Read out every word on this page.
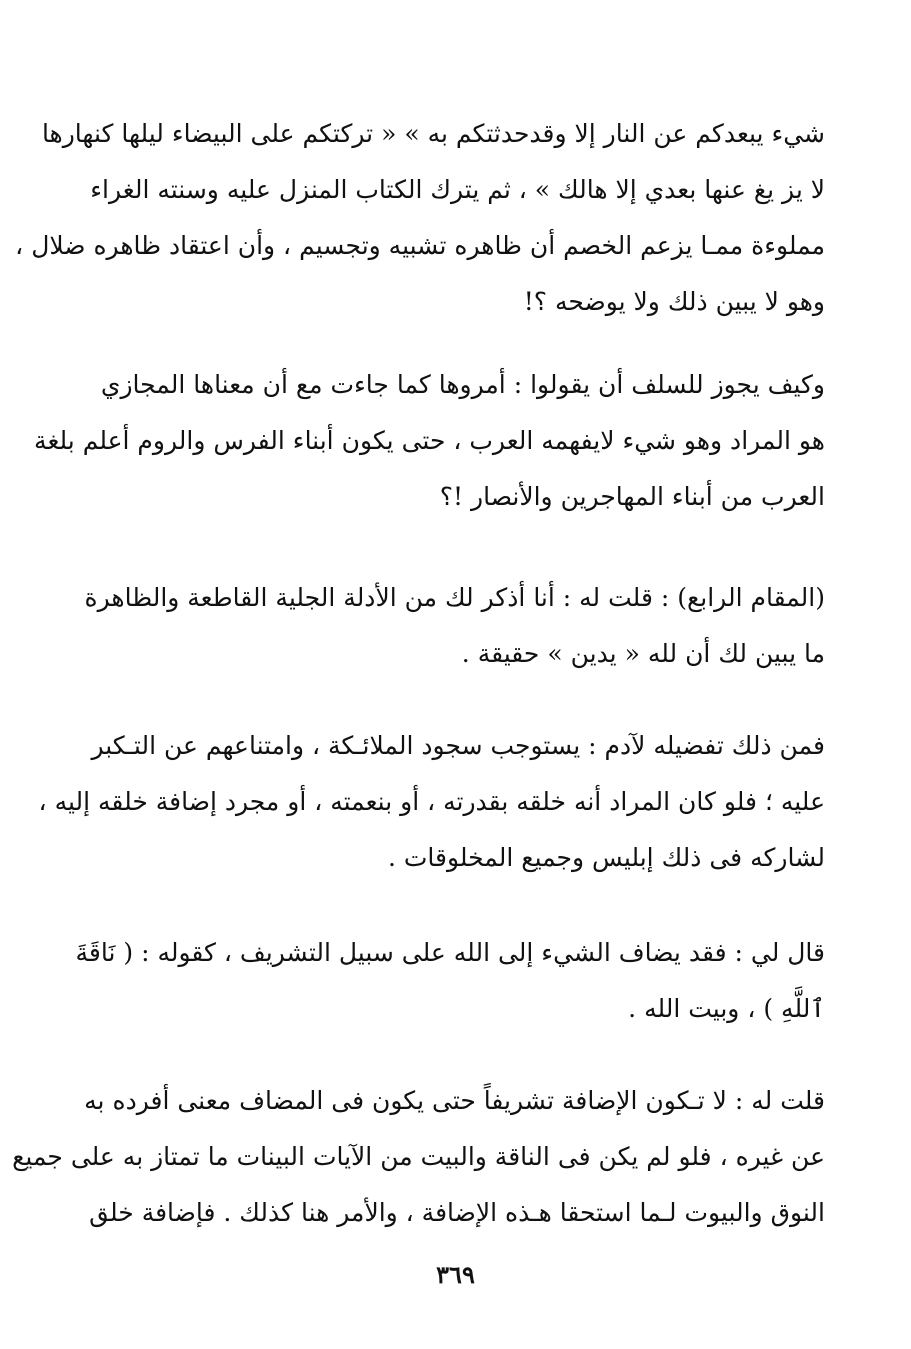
شيء يبعدكم عن النار إلا وقدحدثتكم به » « تركتكم على البيضاء ليلها كنهارها
لا يز يغ عنها بعدي إلا هالك » ، ثم يترك الكتاب المنزل عليه وسنته الغراء
مملوءة ممـا يزعم الخصم أن ظاهره تشبيه وتجسيم ، وأن اعتقاد ظاهره ضلال ،
وهو لا يبين ذلك ولا يوضحه ؟!
وكيف يجوز للسلف أن يقولوا : أمروها كما جاءت مع أن معناها المجازي
هو المراد وهو شيء لايفهمه العرب ، حتى يكون أبناء الفرس والروم أعلم بلغة
العرب من أبناء المهاجرين والأنصار !؟
(المقام الرابع) : قلت له : أنا أذكر لك من الأدلة الجلية القاطعة والظاهرة
ما يبين لك أن لله « يدين » حقيقة .
فمن ذلك تفضيله لآدم : يستوجب سجود الملائـكة ، وامتناعهم عن التـكبر
عليه ؛ فلو كان المراد أنه خلقه بقدرته ، أو بنعمته ، أو مجرد إضافة خلقه إليه ،
لشاركه فى ذلك إبليس وجميع المخلوقات .
قال لي : فقد يضاف الشيء إلى الله على سبيل التشريف ، كقوله : ( نَاقَةَ
ٱللَّهِ ) ، وبيت الله .
قلت له : لا تـكون الإضافة تشريفاً حتى يكون فى المضاف معنى أفرده به
عن غيره ، فلو لم يكن فى الناقة والبيت من الآيات البينات ما تمتاز به على جميع
النوق والبيوت لـما استحقا هـذه الإضافة ، والأمر هنا كذلك . فإضافة خلق
٣٦٩
